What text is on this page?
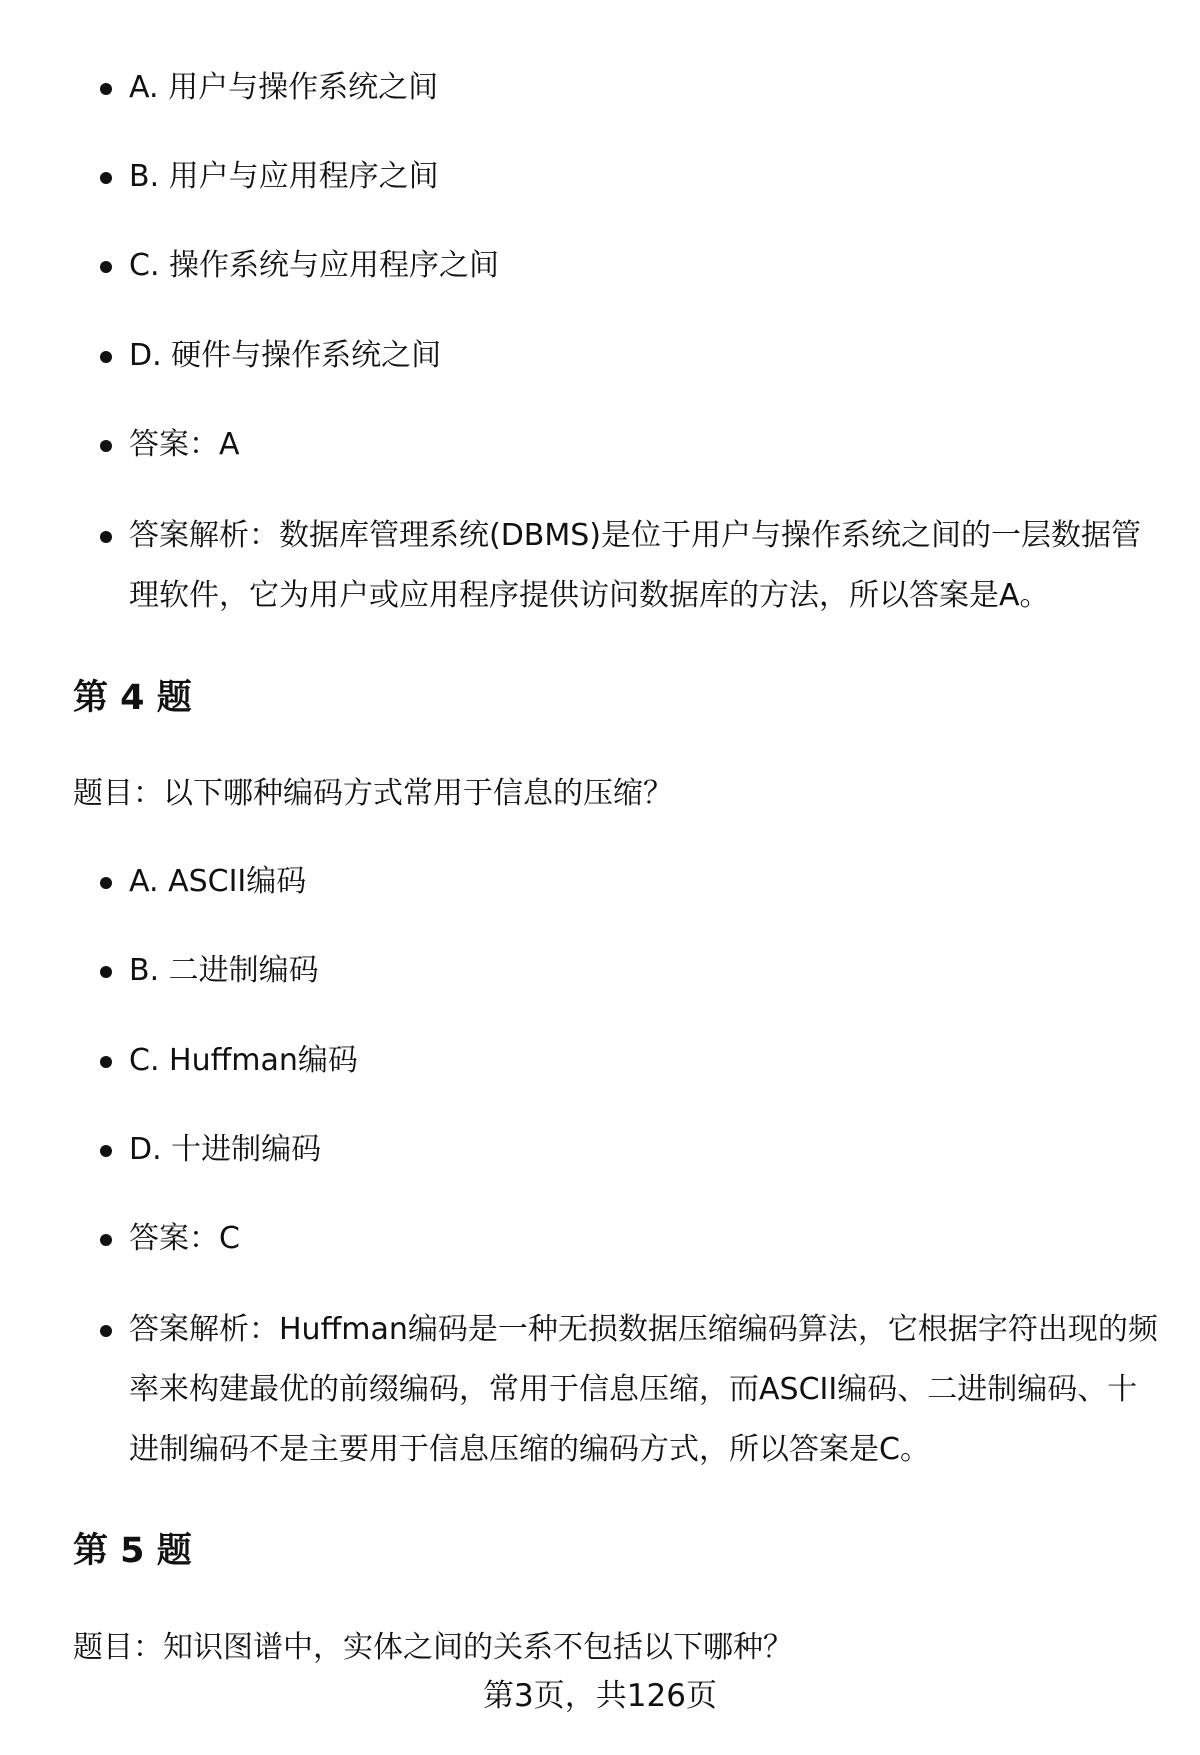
A. 用户与操作系统之间
B. 用户与应用程序之间
C. 操作系统与应用程序之间
D. 硬件与操作系统之间
答案：A
答案解析：数据库管理系统(DBMS)是位于用户与操作系统之间的一层数据管理软件，它为用户或应用程序提供访问数据库的方法，所以答案是A。
第 4 题

题目：以下哪种编码方式常用于信息的压缩？

A. ASCII编码
B. 二进制编码
C. Huffman编码
D. 十进制编码
答案：C
答案解析：Huffman编码是一种无损数据压缩编码算法，它根据字符出现的频率来构建最优的前缀编码，常用于信息压缩，而ASCII编码、二进制编码、十进制编码不是主要用于信息压缩的编码方式，所以答案是C。
第 5 题

题目：知识图谱中，实体之间的关系不包括以下哪种？

第3页，共126页
